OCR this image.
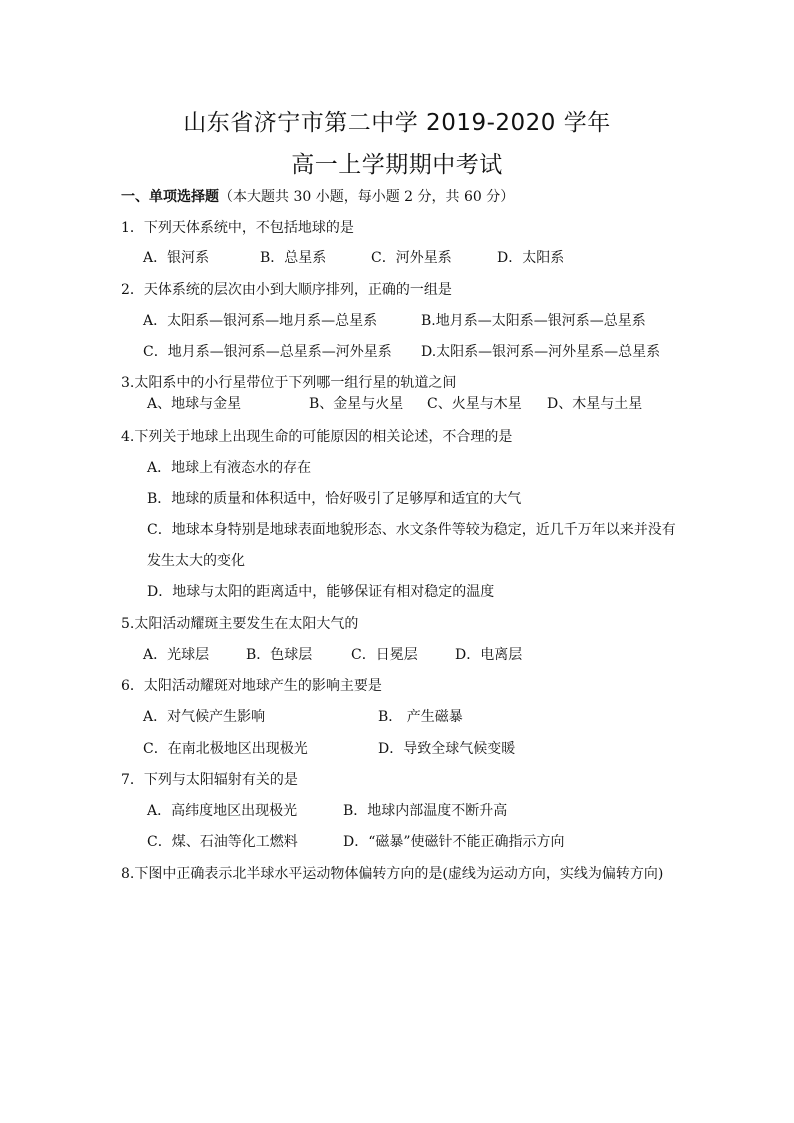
山东省济宁市第二中学 2019-2020 学年
高一上学期期中考试
一、单项选择题（本大题共 30 小题，每小题 2 分，共 60 分）
1．下列天体系统中，不包括地球的是
A．银河系	B．总星系	C．河外星系	D．太阳系
2．天体系统的层次由小到大顺序排列，正确的一组是
A．太阳系—银河系—地月系—总星系	B.地月系—太阳系—银河系—总星系
C．地月系—银河系—总星系—河外星系 D.太阳系—银河系—河外星系—总星系
3.太阳系中的小行星带位于下列哪一组行星的轨道之间
A、地球与金星	B、金星与火星 C、火星与木星 D、木星与土星
4.下列关于地球上出现生命的可能原因的相关论述，不合理的是
A．地球上有液态水的存在
B．地球的质量和体积适中，恰好吸引了足够厚和适宜的大气
C．地球本身特别是地球表面地貌形态、水文条件等较为稳定，近几千万年以来并没有
发生太大的变化
D．地球与太阳的距离适中，能够保证有相对稳定的温度
5.太阳活动耀斑主要发生在太阳大气的
A．光球层	B．色球层	C．日冕层	D．电离层
6．太阳活动耀斑对地球产生的影响主要是
A．对气候产生影响	B． 产生磁暴
C．在南北极地区出现极光	D．导致全球气候变暖
7．下列与太阳辐射有关的是
A．高纬度地区出现极光	B．地球内部温度不断升高
C．煤、石油等化工燃料	D．“磁暴”使磁针不能正确指示方向
8.下图中正确表示北半球水平运动物体偏转方向的是(虚线为运动方向，实线为偏转方向)
